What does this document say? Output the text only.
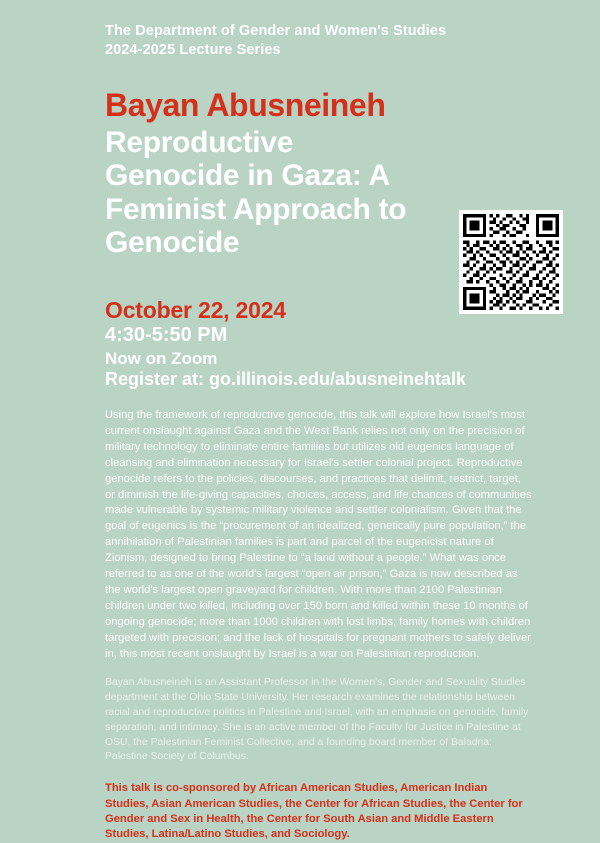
The Department of Gender and Women's Studies
2024-2025 Lecture Series
Bayan Abusneineh
Reproductive Genocide in Gaza: A Feminist Approach to Genocide
October 22, 2024
4:30-5:50 PM
Now on Zoom
Register at: go.illinois.edu/abusneinehtalk

Using the framework of reproductive genocide, this talk will explore how Israel's most current onslaught against Gaza and the West Bank relies not only on the precision of military technology to eliminate entire families but utilizes old eugenics language of cleansing and elimination necessary for Israel's settler colonial project. Reproductive genocide refers to the policies, discourses, and practices that delimit, restrict, target, or diminish the life-giving capacities, choices, access, and life chances of communities made vulnerable by systemic military violence and settler colonialism. Given that the goal of eugenics is the “procurement of an idealized, genetically pure population,” the annihilation of Palestinian families is part and parcel of the eugenicist nature of Zionism, designed to bring Palestine to “a land without a people.” What was once referred to as one of the world's largest “open air prison,” Gaza is now described as the world's largest open graveyard for children. With more than 2100 Palestinian children under two killed, including over 150 born and killed within these 10 months of ongoing genocide; more than 1000 children with lost limbs; family homes with children targeted with precision; and the lack of hospitals for pregnant mothers to safely deliver in, this most recent onslaught by Israel is a war on Palestinian reproduction.

Bayan Abusneineh is an Assistant Professor in the Women's, Gender and Sexuality Studies department at the Ohio State University. Her research examines the relationship between racial and reproductive politics in Palestine and Israel, with an emphasis on genocide, family separation, and intimacy. She is an active member of the Faculty for Justice in Palestine at OSU, the Palestinian Feminist Collective, and a founding board member of Baladna: Palestine Society of Columbus.

This talk is co-sponsored by African American Studies, American Indian Studies, Asian American Studies, the Center for African Studies, the Center for Gender and Sex in Health, the Center for South Asian and Middle Eastern Studies, Latina/Latino Studies, and Sociology.
